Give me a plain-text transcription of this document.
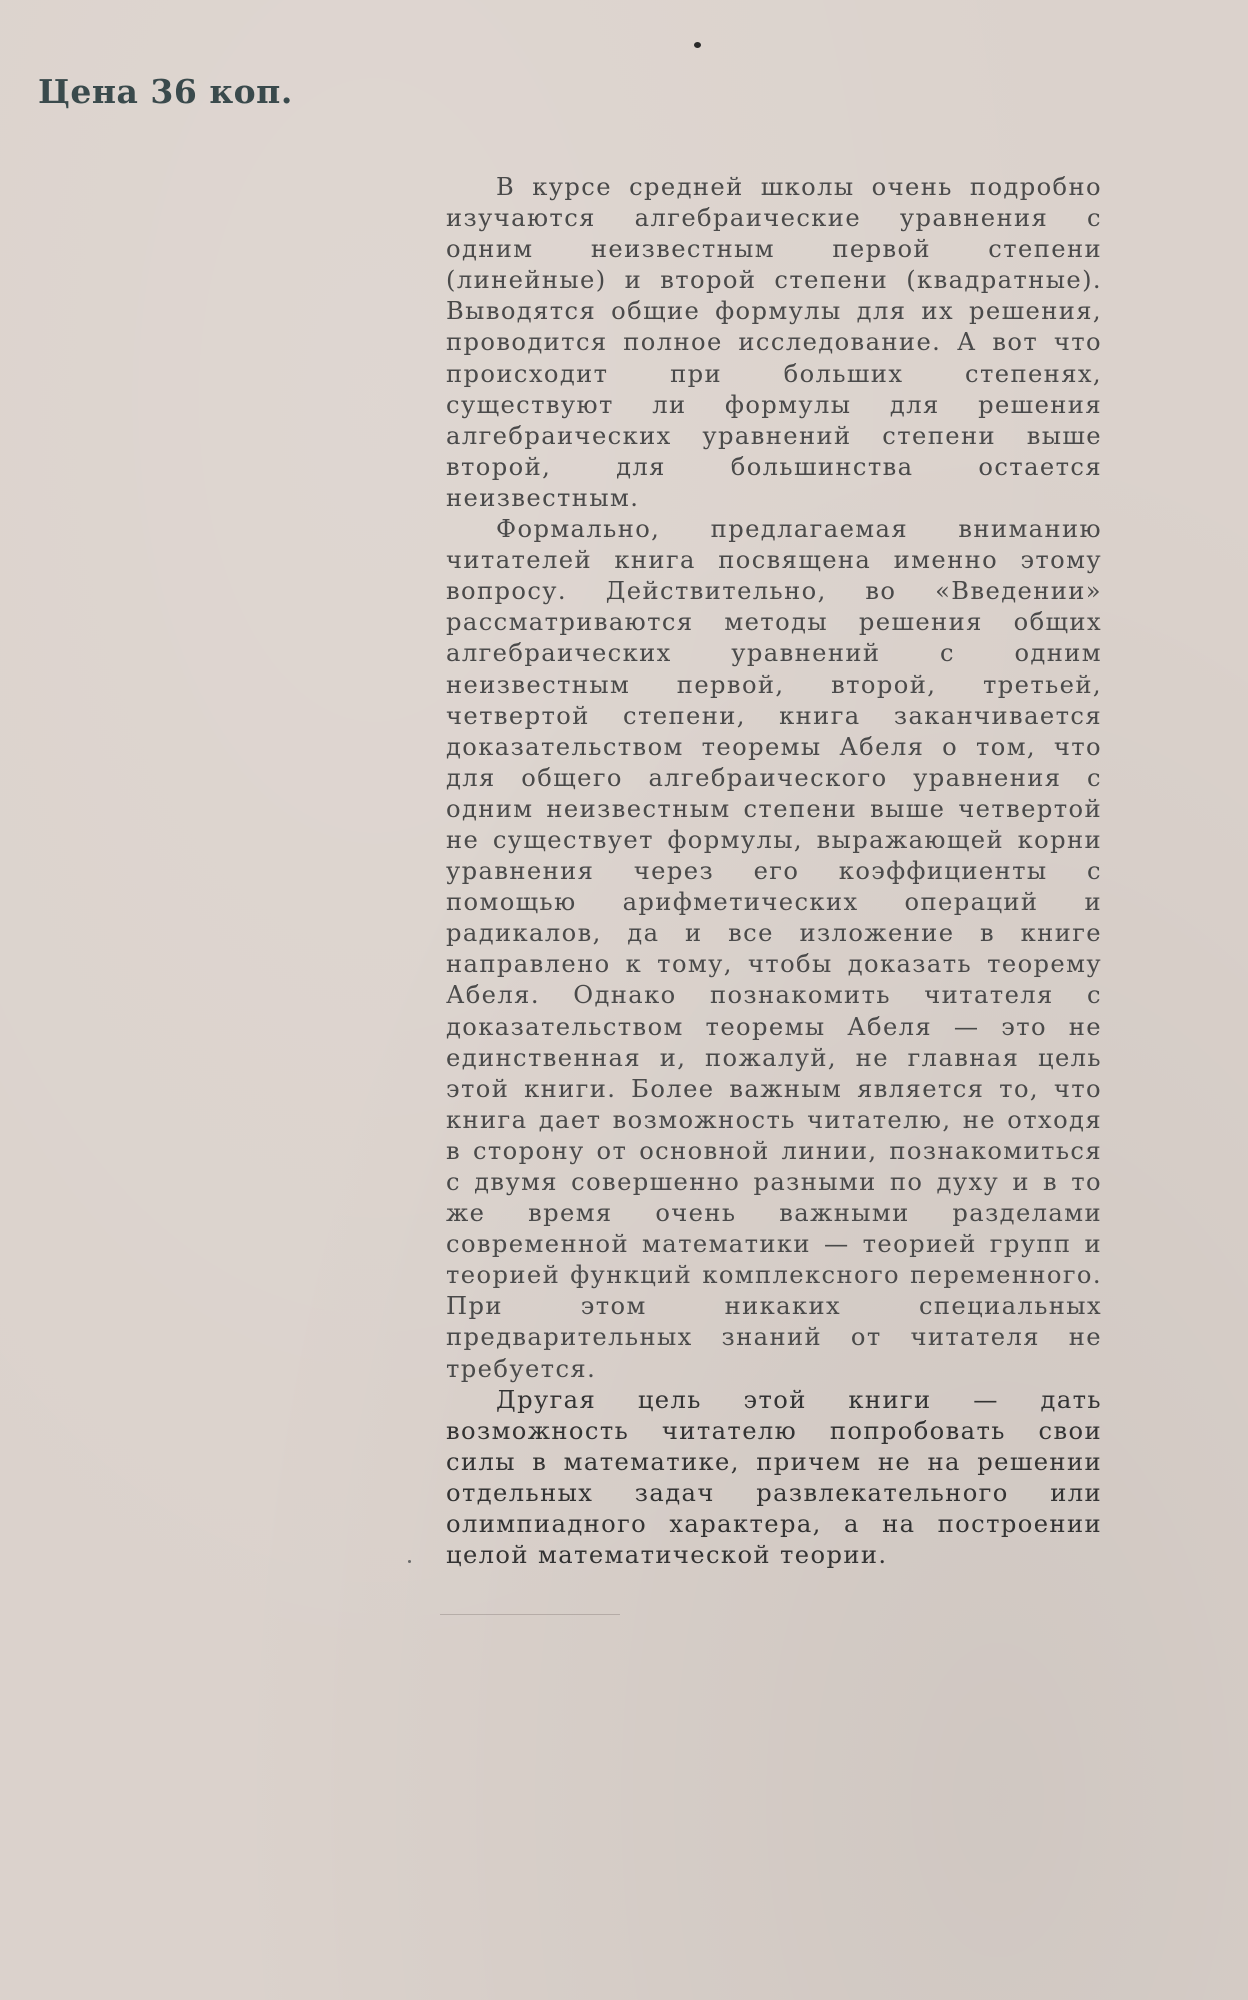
Цена 36 коп.

В курсе средней школы очень подробно изучаются алгебраические уравнения с одним неизвестным первой степени (линейные) и второй степени (квадратные). Выводятся общие формулы для их решения, проводится полное исследование. А вот что происходит при больших степенях, существуют ли формулы для решения алгебраических уравнений степени выше второй, для большинства остается неизвестным.

Формально, предлагаемая вниманию читателей книга посвящена именно этому вопросу. Действительно, во «Введении» рассматриваются методы решения общих алгебраических уравнений с одним неизвестным первой, второй, третьей, четвертой степени, книга заканчивается доказательством теоремы Абеля о том, что для общего алгебраического уравнения с одним неизвестным степени выше четвертой не существует формулы, выражающей корни уравнения через его коэффициенты с помощью арифметических операций и радикалов, да и все изложение в книге направлено к тому, чтобы доказать теорему Абеля. Однако познакомить читателя с доказательством теоремы Абеля — это не единственная и, пожалуй, не главная цель этой книги. Более важным является то, что книга дает возможность читателю, не отходя в сторону от основной линии, познакомиться с двумя совершенно разными по духу и в то же время очень важными разделами современной математики — теорией групп и теорией функций комплексного переменного. При этом никаких специальных предварительных знаний от читателя не требуется.

Другая цель этой книги — дать возможность читателю попробовать свои силы в математике, причем не на решении отдельных задач развлекательного или олимпиадного характера, а на построении целой математической теории.
